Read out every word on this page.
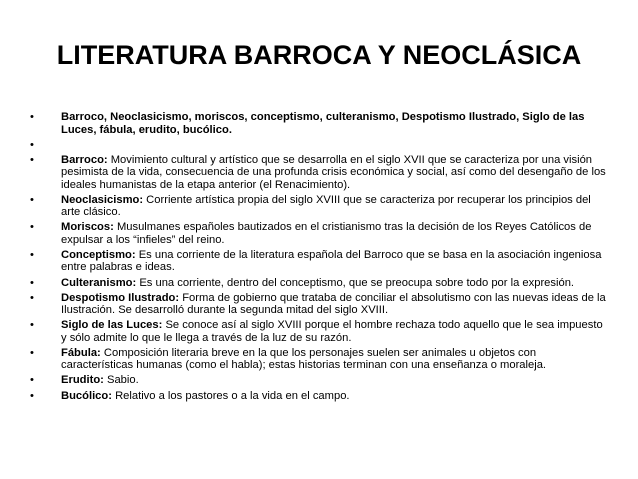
LITERATURA BARROCA Y NEOCLÁSICA
•	Barroco, Neoclasicismo, moriscos, conceptismo, culteranismo, Despotismo Ilustrado, Siglo de las Luces, fábula, erudito, bucólico.
•
•	Barroco: Movimiento cultural y artístico que se desarrolla en el siglo XVII que se caracteriza por una visión pesimista de la vida, consecuencia de una profunda crisis económica y social, así como del desengaño de los ideales humanistas de la etapa anterior (el Renacimiento).
•	Neoclasicismo: Corriente artística propia del siglo XVIII que se caracteriza por recuperar los principios del arte clásico.
•	Moriscos: Musulmanes españoles bautizados en el cristianismo tras la decisión de los Reyes Católicos de expulsar a los “infieles” del reino.
•	Conceptismo: Es una corriente de la literatura española del Barroco que se basa en la asociación ingeniosa entre palabras e ideas.
•	Culteranismo: Es una corriente, dentro del conceptismo, que se preocupa sobre todo por la expresión.
•	Despotismo Ilustrado: Forma de gobierno que trataba de conciliar el absolutismo con las nuevas ideas de la Ilustración. Se desarrolló durante la segunda mitad del siglo XVIII.
•	Siglo de las Luces: Se conoce así al siglo XVIII porque el hombre rechaza todo aquello que le sea impuesto y sólo admite lo que le llega a través de la luz de su razón.
•	Fábula: Composición literaria breve en la que los personajes suelen ser animales u objetos con características humanas (como el habla); estas historias terminan con una enseñanza o moraleja.
•	Erudito: Sabio.
•	Bucólico: Relativo a los pastores o a la vida en el campo.
